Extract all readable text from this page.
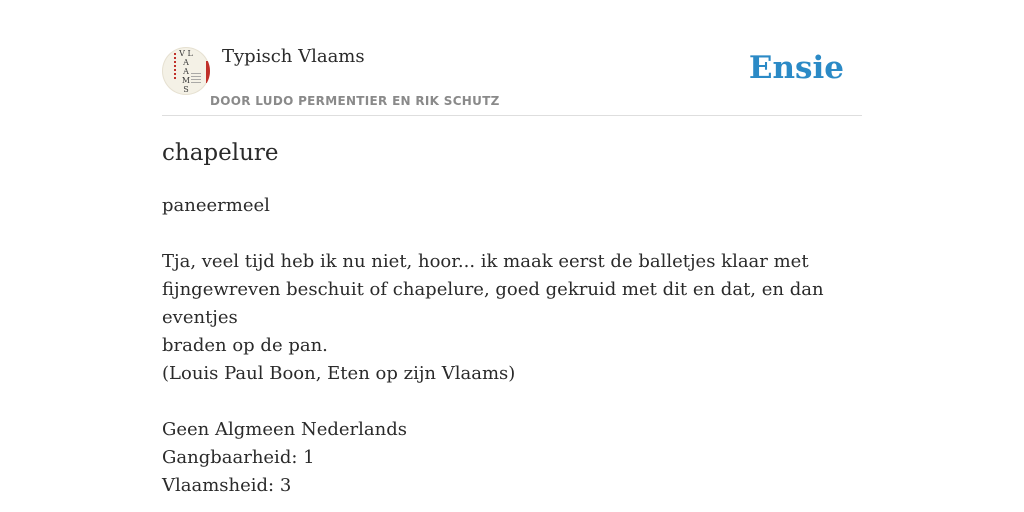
V L A A M S
Typisch Vlaams
DOOR LUDO PERMENTIER EN RIK SCHUTZ
Ensie
chapelure

paneermeel

Tja, veel tijd heb ik nu niet, hoor... ik maak eerst de balletjes klaar met

fijngewreven beschuit of chapelure, goed gekruid met dit en dat, en dan eventjes

braden op de pan.

(Louis Paul Boon, Eten op zijn Vlaams)

Geen Algmeen Nederlands

Gangbaarheid: 1

Vlaamsheid: 3
